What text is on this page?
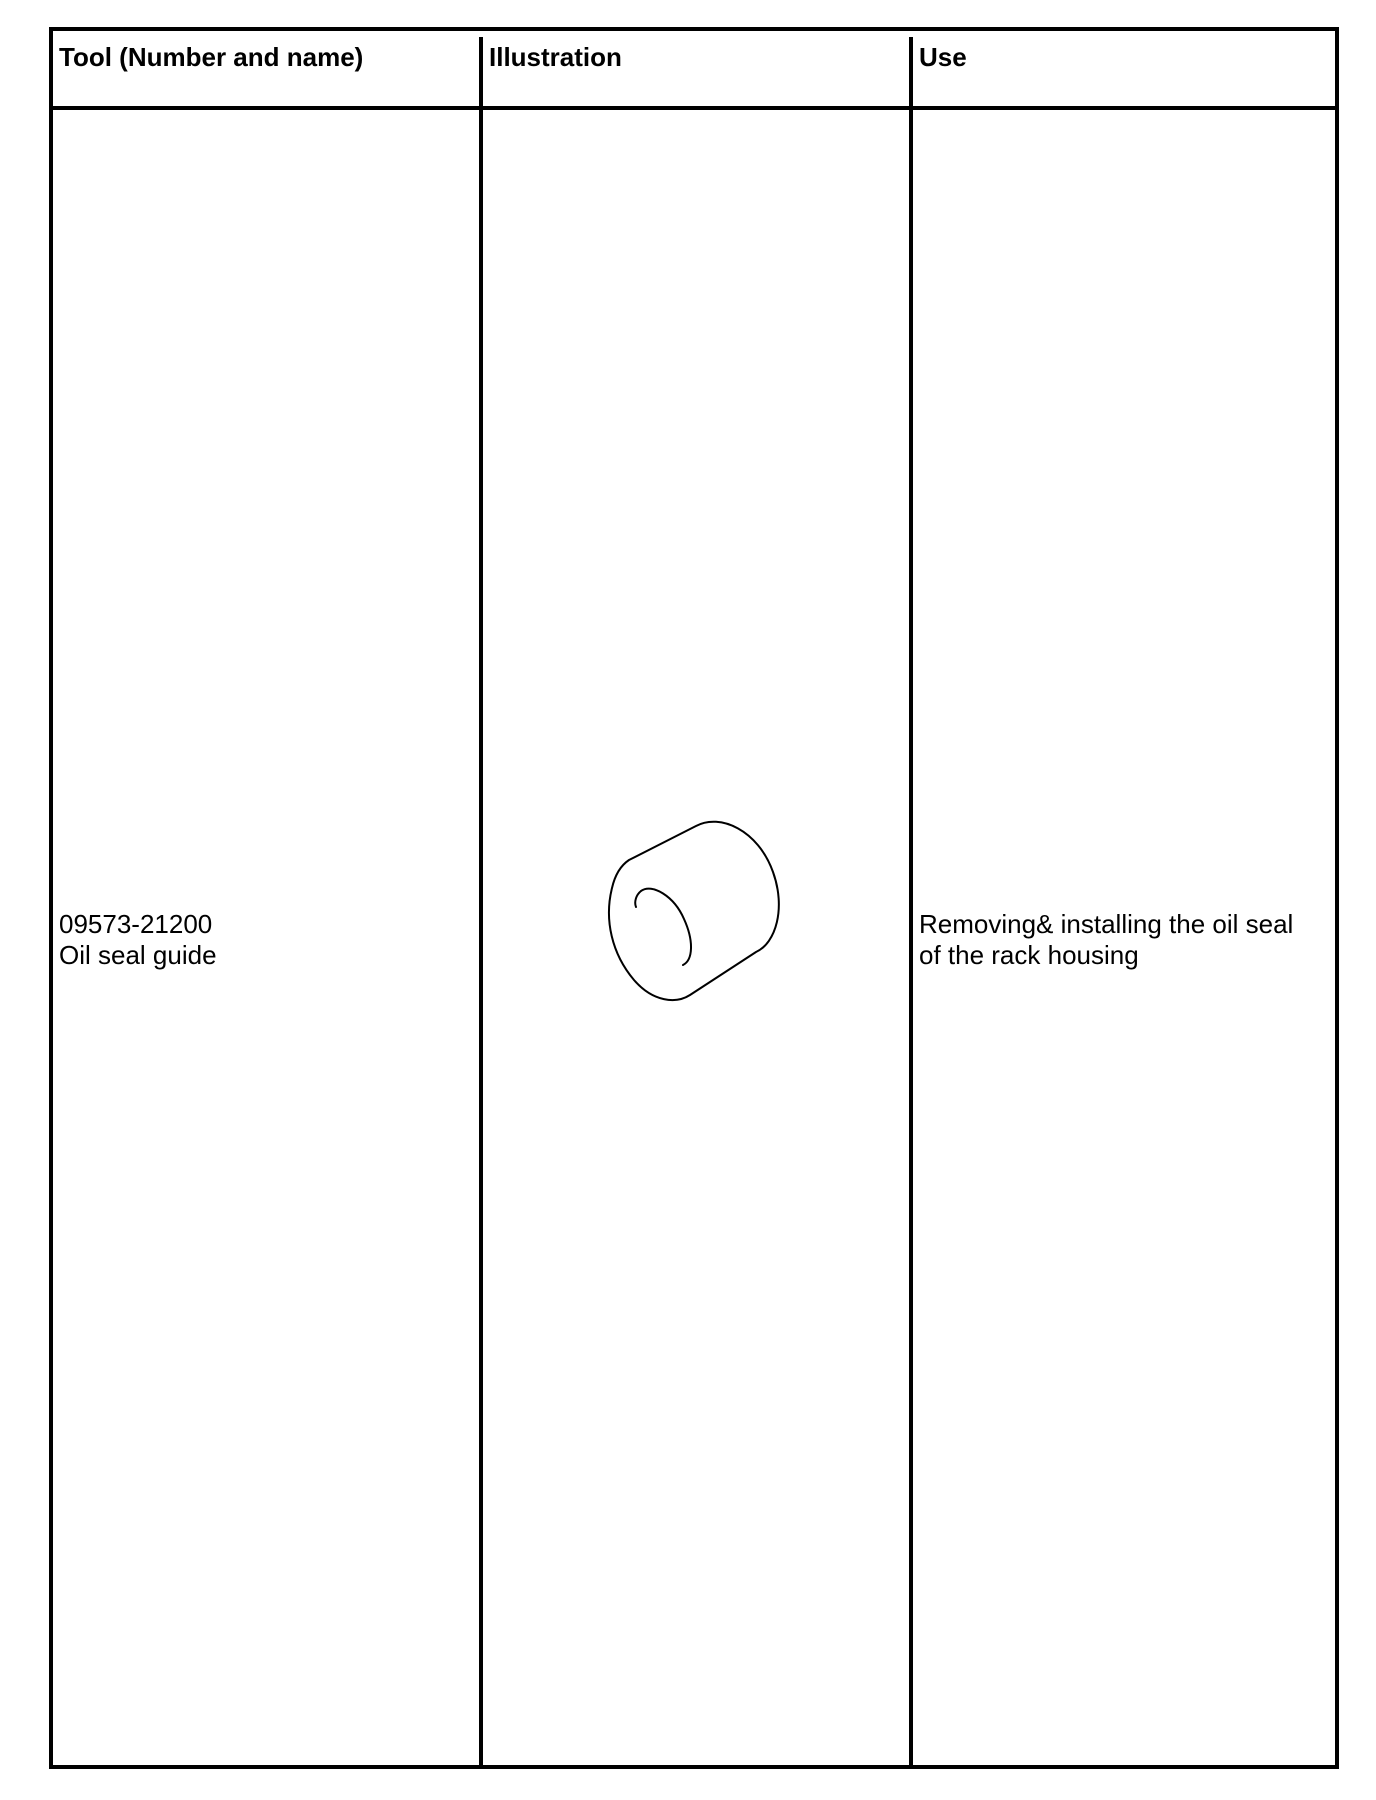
Tool (Number and name)	Illustration	Use
09573-21200
Oil seal guide
Removing& installing the oil seal
of the rack housing
